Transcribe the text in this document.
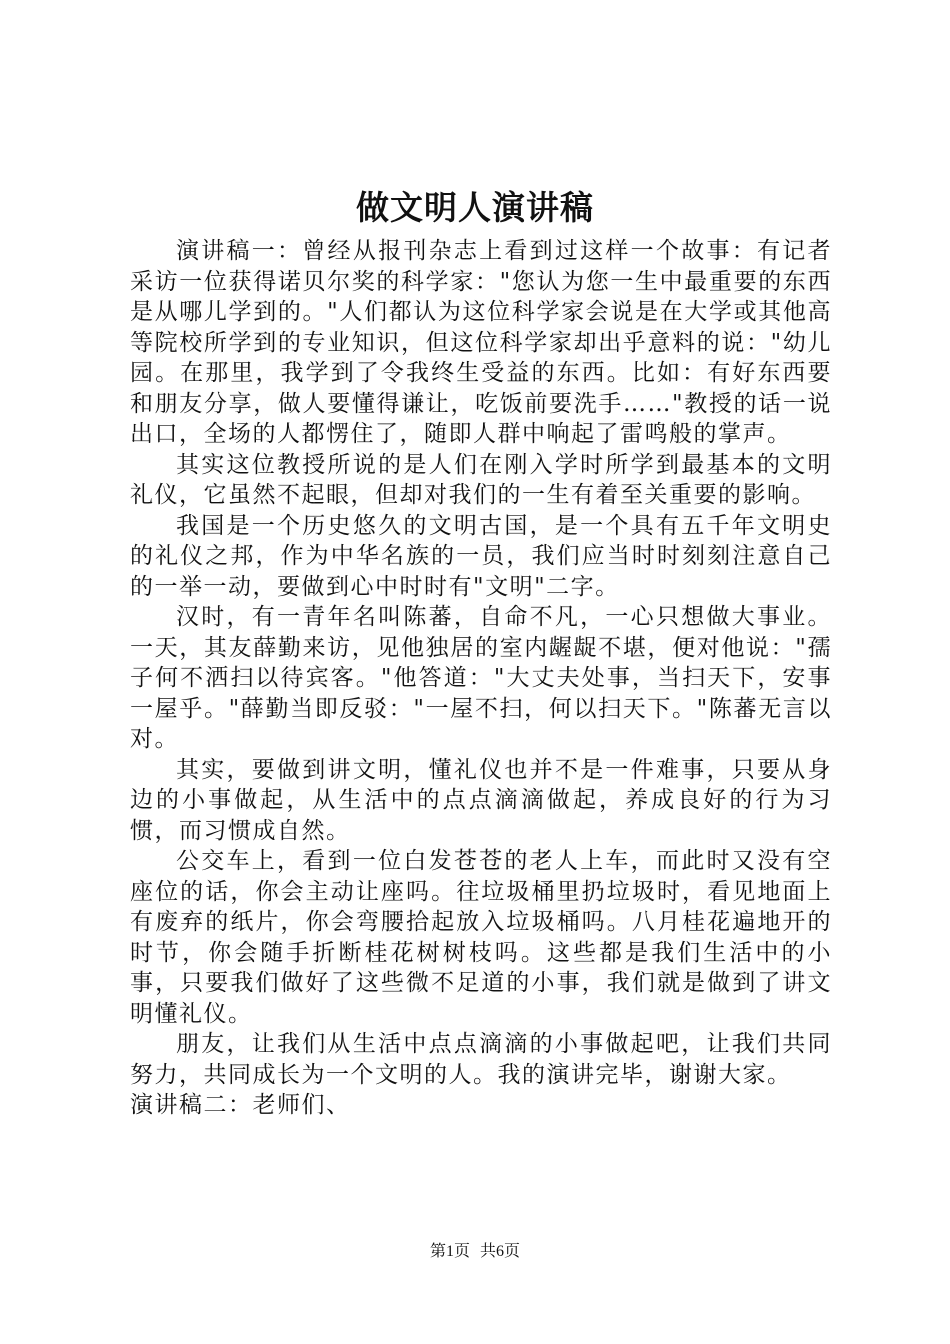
做文明人演讲稿

演讲稿一：曾经从报刊杂志上看到过这样一个故事：有记者采访一位获得诺贝尔奖的科学家："您认为您一生中最重要的东西是从哪儿学到的。"人们都认为这位科学家会说是在大学或其他高等院校所学到的专业知识，但这位科学家却出乎意料的说："幼儿园。在那里，我学到了令我终生受益的东西。比如：有好东西要和朋友分享，做人要懂得谦让，吃饭前要洗手……"教授的话一说出口，全场的人都愣住了，随即人群中响起了雷鸣般的掌声。

其实这位教授所说的是人们在刚入学时所学到最基本的文明礼仪，它虽然不起眼，但却对我们的一生有着至关重要的影响。

我国是一个历史悠久的文明古国，是一个具有五千年文明史的礼仪之邦，作为中华名族的一员，我们应当时时刻刻注意自己的一举一动，要做到心中时时有"文明"二字。

汉时，有一青年名叫陈蕃，自命不凡，一心只想做大事业。一天，其友薛勤来访，见他独居的室内龌龊不堪，便对他说："孺子何不洒扫以待宾客。"他答道："大丈夫处事，当扫天下，安事一屋乎。"薛勤当即反驳："一屋不扫，何以扫天下。"陈蕃无言以对。

其实，要做到讲文明，懂礼仪也并不是一件难事，只要从身边的小事做起，从生活中的点点滴滴做起，养成良好的行为习惯，而习惯成自然。

公交车上，看到一位白发苍苍的老人上车，而此时又没有空座位的话，你会主动让座吗。往垃圾桶里扔垃圾时，看见地面上有废弃的纸片，你会弯腰拾起放入垃圾桶吗。八月桂花遍地开的时节，你会随手折断桂花树树枝吗。这些都是我们生活中的小事，只要我们做好了这些微不足道的小事，我们就是做到了讲文明懂礼仪。

朋友，让我们从生活中点点滴滴的小事做起吧，让我们共同努力，共同成长为一个文明的人。我的演讲完毕，谢谢大家。

演讲稿二：老师们、

第1页 共6页
